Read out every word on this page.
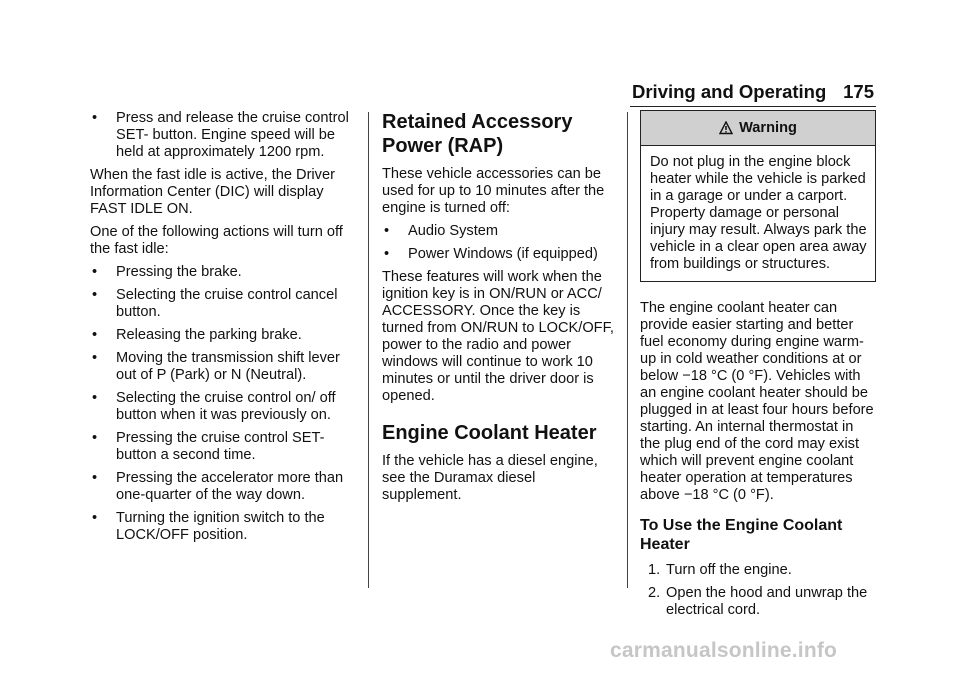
Driving and Operating 175
• Press and release the cruise control SET- button. Engine speed will be held at approximately 1200 rpm.

When the fast idle is active, the Driver Information Center (DIC) will display FAST IDLE ON.

One of the following actions will turn off the fast idle:

• Pressing the brake.
• Selecting the cruise control cancel button.
• Releasing the parking brake.
• Moving the transmission shift lever out of P (Park) or N (Neutral).
• Selecting the cruise control on/ off button when it was previously on.
• Pressing the cruise control SET- button a second time.
• Pressing the accelerator more than one-quarter of the way down.
• Turning the ignition switch to the LOCK/OFF position.
Retained Accessory Power (RAP)

These vehicle accessories can be used for up to 10 minutes after the engine is turned off:

• Audio System
• Power Windows (if equipped)

These features will work when the ignition key is in ON/RUN or ACC/ ACCESSORY. Once the key is turned from ON/RUN to LOCK/OFF, power to the radio and power windows will continue to work 10 minutes or until the driver door is opened.

Engine Coolant Heater

If the vehicle has a diesel engine, see the Duramax diesel supplement.

Warning
Do not plug in the engine block heater while the vehicle is parked in a garage or under a carport. Property damage or personal injury may result. Always park the vehicle in a clear open area away from buildings or structures.

The engine coolant heater can provide easier starting and better fuel economy during engine warm-up in cold weather conditions at or below −18 °C (0 °F). Vehicles with an engine coolant heater should be plugged in at least four hours before starting. An internal thermostat in the plug end of the cord may exist which will prevent engine coolant heater operation at temperatures above −18 °C (0 °F).

To Use the Engine Coolant Heater
1. Turn off the engine.
2. Open the hood and unwrap the electrical cord.
carmanualsonline.info
